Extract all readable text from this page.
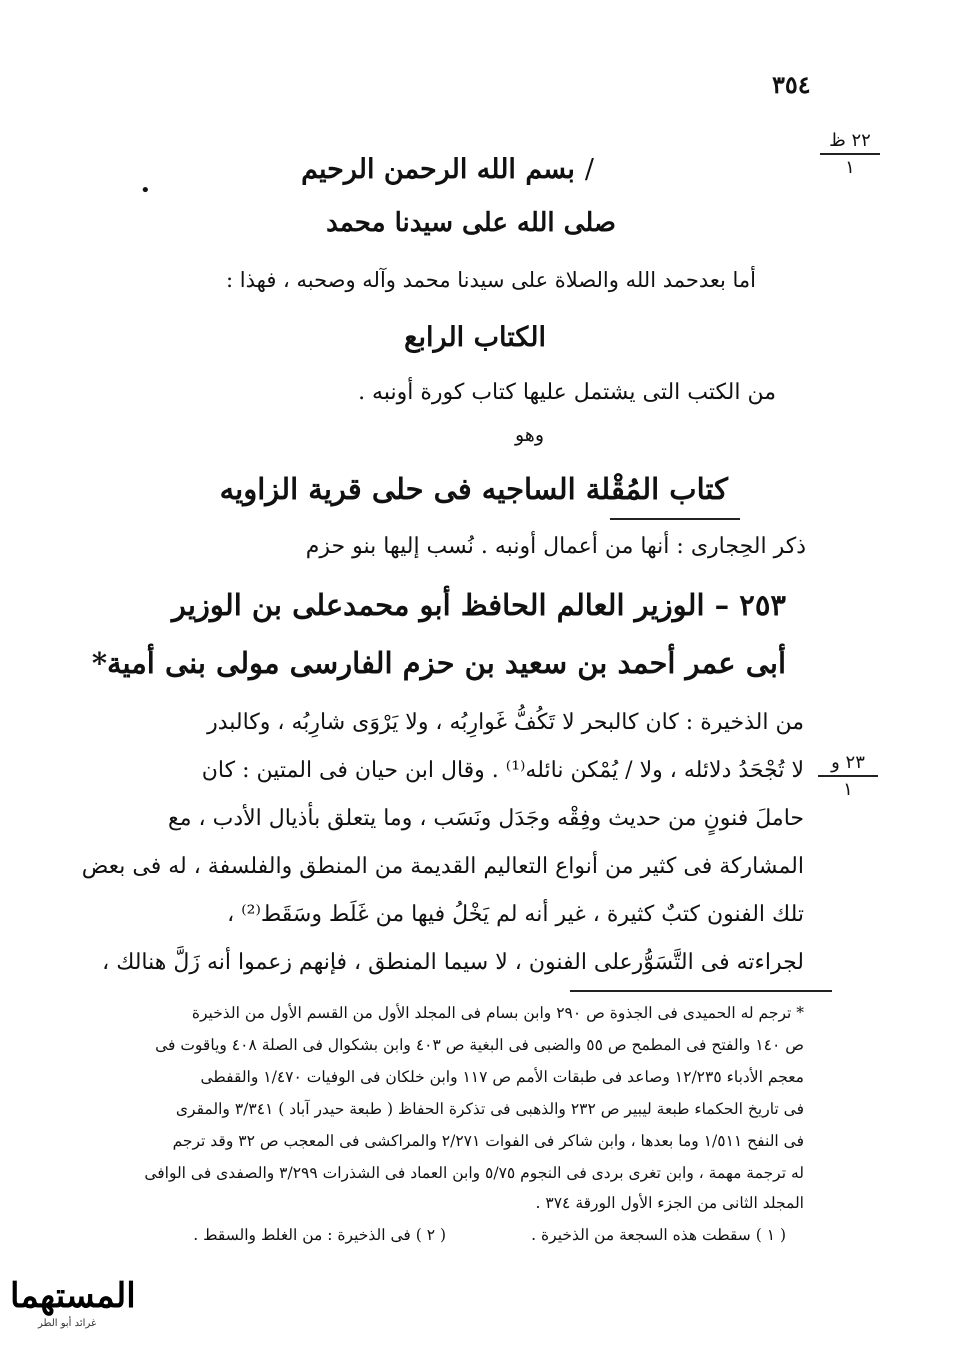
٣٥٤
٢٢ ظ
١
٢٣ و
١
•
/بسم الله الرحمن الرحيم
صلى الله على سيدنا محمد
أما بعدحمد الله والصلاة على سيدنا محمد وآله وصحبه ، فهذا :
الكتاب الرابع
من الكتب التى يشتمل عليها كتاب كورة أونبه .
وهو
كتاب المُقْلة الساجيه فى حلى قرية الزاويه
ذكر الحِجارى : أنها من أعمال أونبه . نُسب إليها بنو حزم
٢٥٣ – الوزير العالم الحافظ أبو محمدعلى بن الوزير
أبى عمر أحمد بن سعيد بن حزم الفارسى مولى بنى أمية*
من الذخيرة : كان كالبحر لا تَكُفُّ غَوارِبُه ، ولا يَرْوَى شارِبُه ، وكالبدر
لا تُجْحَدُ دلائله ، ولا / يُمْكن نائله⁽¹⁾ . وقال ابن حيان فى المتين : كان
حاملَ فنونٍ من حديث وفِقْه وجَدَل ونَسَب ، وما يتعلق بأذيال الأدب ، مع
المشاركة فى كثير من أنواع التعاليم القديمة من المنطق والفلسفة ، له فى بعض
تلك الفنون كتبٌ كثيرة ، غير أنه لم يَخْلُ فيها من غَلَط وسَقَط⁽²⁾ ،
لجراءته فى التَّسَوُّرعلى الفنون ، لا سيما المنطق ، فإنهم زعموا أنه زَلَّ هنالك ،
* ترجم له الحميدى فى الجذوة ص ٢٩٠ وابن بسام فى المجلد الأول من القسم الأول من الذخيرة
ص ١٤٠ والفتح فى المطمح ص ٥٥ والضبى فى البغية ص ٤٠٣ وابن بشكوال فى الصلة ٤٠٨ وياقوت فى
معجم الأدباء ١٢/٢٣٥ وصاعد فى طبقات الأمم ص ١١٧ وابن خلكان فى الوفيات ١/٤٧٠ والقفطى
فى تاريخ الحكماء طبعة ليبير ص ٢٣٢ والذهبى فى تذكرة الحفاظ ( طبعة حيدر آباد ) ٣/٣٤١ والمقرى
فى النفح ١/٥١١ وما بعدها ، وابن شاكر فى الفوات ٢/٢٧١ والمراكشى فى المعجب ص ٣٢ وقد ترجم
له ترجمة مهمة ، وابن تغرى بردى فى النجوم ٥/٧٥ وابن العماد فى الشذرات ٣/٢٩٩ والصفدى فى الوافى
المجلد الثانى من الجزء الأول الورقة ٣٧٤ .
( ١ ) سقطت هذه السجعة من الذخيرة .
( ٢ ) فى الذخيرة : من الغلط والسقط .
المستهما
غرائد أبو الطر
